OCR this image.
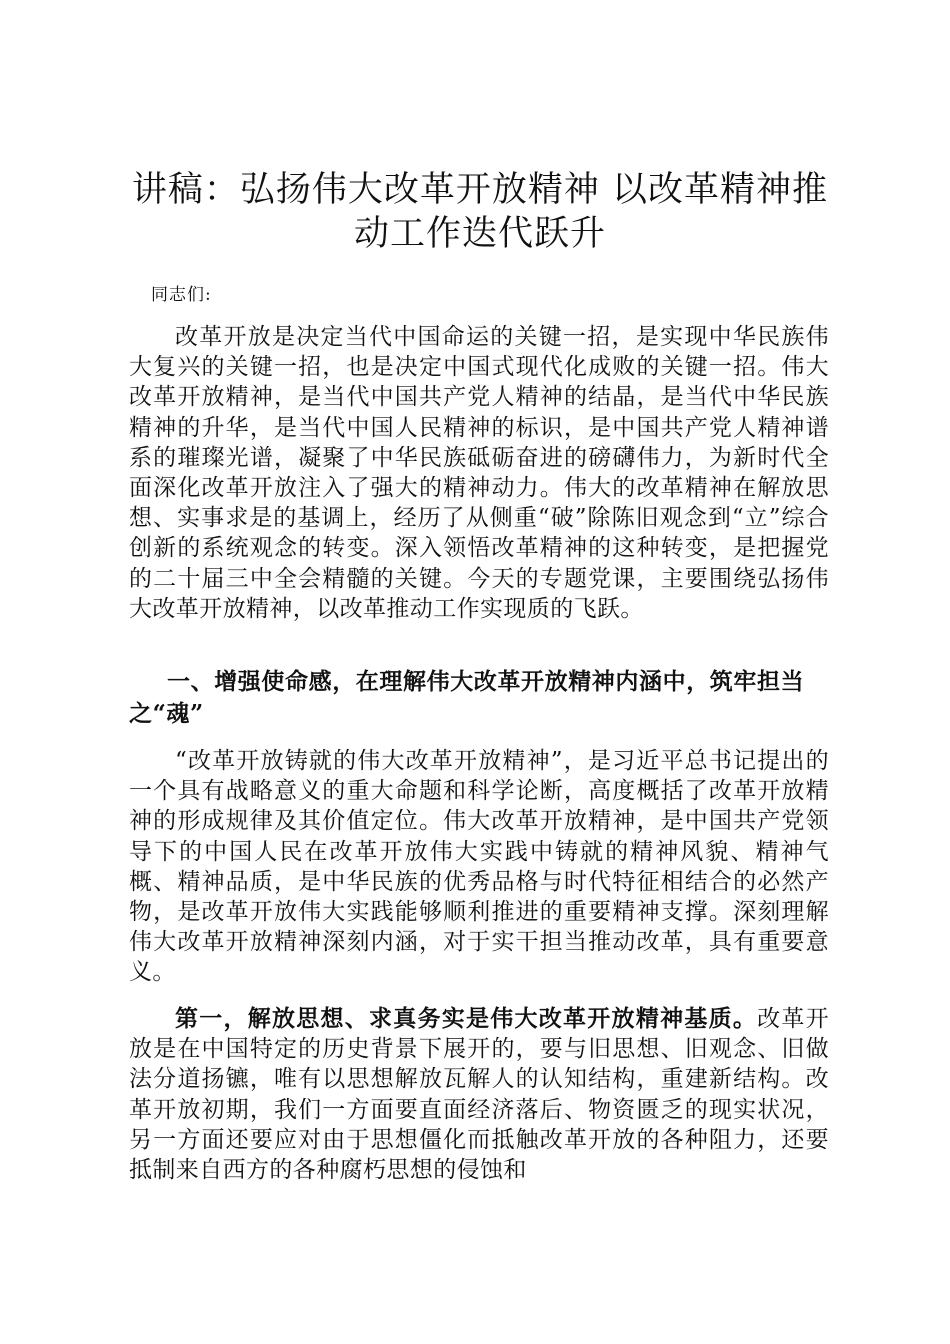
讲稿：弘扬伟大改革开放精神 以改革精神推动工作迭代跃升
同志们:

改革开放是决定当代中国命运的关键一招，是实现中华民族伟大复兴的关键一招，也是决定中国式现代化成败的关键一招。伟大改革开放精神，是当代中国共产党人精神的结晶，是当代中华民族精神的升华，是当代中国人民精神的标识，是中国共产党人精神谱系的璀璨光谱，凝聚了中华民族砥砺奋进的磅礴伟力，为新时代全面深化改革开放注入了强大的精神动力。伟大的改革精神在解放思想、实事求是的基调上，经历了从侧重“破”除陈旧观念到“立”综合创新的系统观念的转变。深入领悟改革精神的这种转变，是把握党的二十届三中全会精髓的关键。今天的专题党课，主要围绕弘扬伟大改革开放精神，以改革推动工作实现质的飞跃。

一、增强使命感，在理解伟大改革开放精神内涵中，筑牢担当之“魂”

“改革开放铸就的伟大改革开放精神”，是习近平总书记提出的一个具有战略意义的重大命题和科学论断，高度概括了改革开放精神的形成规律及其价值定位。伟大改革开放精神，是中国共产党领导下的中国人民在改革开放伟大实践中铸就的精神风貌、精神气概、精神品质，是中华民族的优秀品格与时代特征相结合的必然产物，是改革开放伟大实践能够顺利推进的重要精神支撑。深刻理解伟大改革开放精神深刻内涵，对于实干担当推动改革，具有重要意义。

第一，解放思想、求真务实是伟大改革开放精神基质。改革开放是在中国特定的历史背景下展开的，要与旧思想、旧观念、旧做法分道扬镳，唯有以思想解放瓦解人的认知结构，重建新结构。改革开放初期，我们一方面要直面经济落后、物资匮乏的现实状况，另一方面还要应对由于思想僵化而抵触改革开放的各种阻力，还要抵制来自西方的各种腐朽思想的侵蚀和
